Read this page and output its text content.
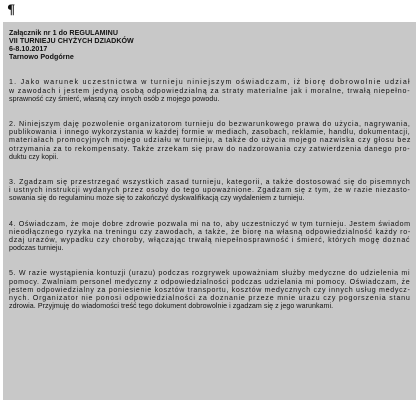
¶
Załącznik nr 1 do REGULAMINU
VII TURNIEJU CHYŻYCH DZIADKÓW
6-8.10.2017
Tarnowo Podgórne
1. Jako warunek uczestnictwa w turnieju niniejszym oświadczam, iż biorę dobrowolnie udział
w zawodach i jestem jedyną osobą odpowiedzialną za straty materialne jak i moralne, trwałą niepełno-
sprawność czy śmierć, własną czy innych osób z mojego powodu.
2. Niniejszym daję pozwolenie organizatorom turnieju do bezwarunkowego prawa do użycia, nagrywania,
publikowania i innego wykorzystania w każdej formie w mediach, zasobach, reklamie, handlu, dokumentacji,
materiałach promocyjnych mojego udziału w turnieju, a także do użycia mojego nazwiska czy głosu bez
otrzymania za to rekompensaty. Także zrzekam się praw do nadzorowania czy zatwierdzenia danego pro-
duktu czy kopii.
3. Zgadzam się przestrzegać wszystkich zasad turnieju, kategorii, a także dostosować się do pisemnych
i ustnych instrukcji wydanych przez osoby do tego upoważnione. Zgadzam się z tym, że w razie niezasto-
sowania się do regulaminu może się to zakończyć dyskwalifikacją czy wydaleniem z turnieju.
4. Oświadczam, że moje dobre zdrowie pozwala mi na to, aby uczestniczyć w tym turnieju. Jestem świadom
nieodłącznego ryzyka na treningu czy zawodach, a także, że biorę na własną odpowiedzialność każdy ro-
dzaj urazów, wypadku czy choroby, włączając trwałą niepełnosprawność i śmierć, których mogę doznać
podczas turnieju.
5. W razie wystąpienia kontuzji (urazu) podczas rozgrywek upoważniam służby medyczne do udzielenia mi
pomocy. Zwalniam personel medyczny z odpowiedzialności podczas udzielania mi pomocy. Oświadczam, że
jestem odpowiedzialny za poniesienie kosztów transportu, kosztów medycznych czy innych usług medycz-
nych. Organizator nie ponosi odpowiedzialności za doznanie przeze mnie urazu czy pogorszenia stanu
zdrowia. Przyjmuję do wiadomości treść tego dokument dobrowolnie i zgadzam się z jego warunkami.
